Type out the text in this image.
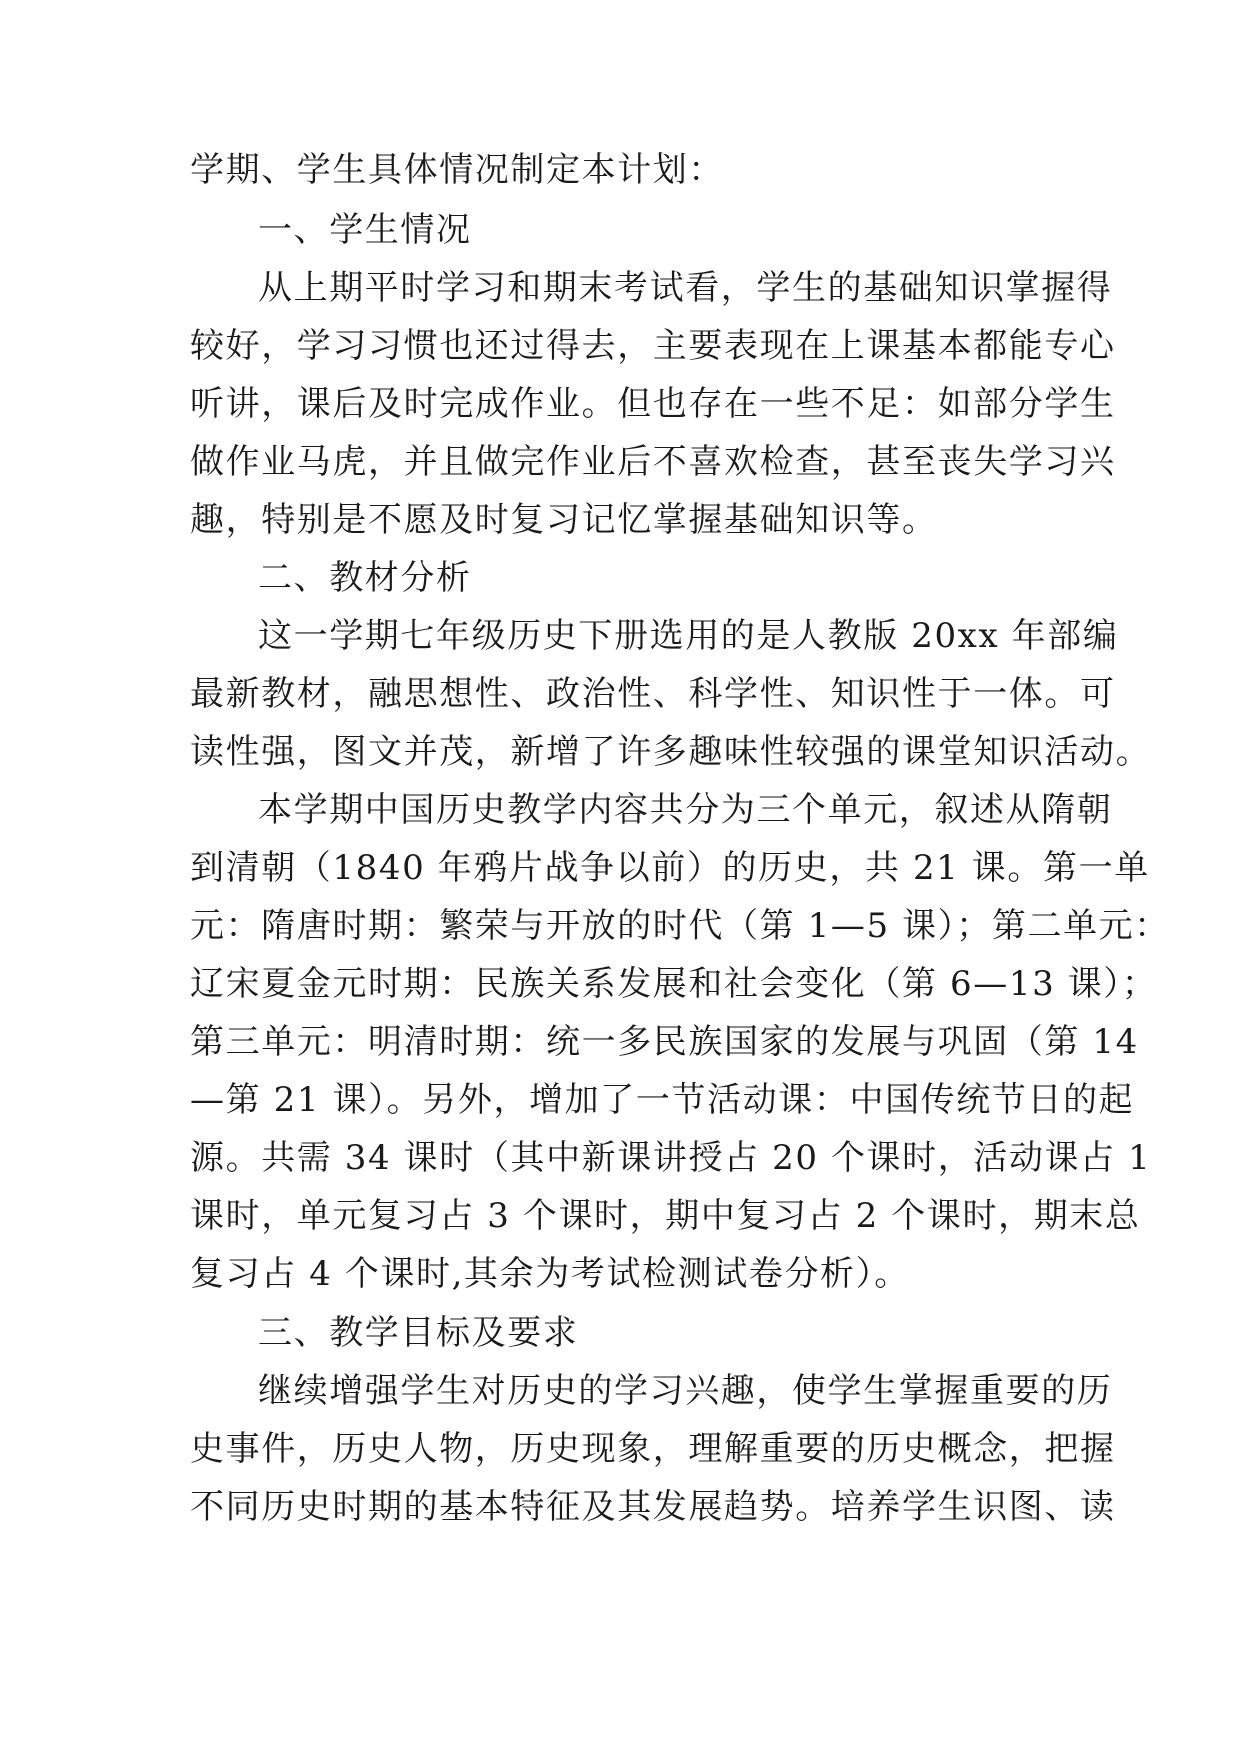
学期、学生具体情况制定本计划：
一、学生情况
从上期平时学习和期末考试看，学生的基础知识掌握得
较好，学习习惯也还过得去，主要表现在上课基本都能专心
听讲，课后及时完成作业。但也存在一些不足：如部分学生
做作业马虎，并且做完作业后不喜欢检查，甚至丧失学习兴
趣，特别是不愿及时复习记忆掌握基础知识等。
二、教材分析
这一学期七年级历史下册选用的是人教版 20xx 年部编
最新教材，融思想性、政治性、科学性、知识性于一体。可
读性强，图文并茂，新增了许多趣味性较强的课堂知识活动。
本学期中国历史教学内容共分为三个单元，叙述从隋朝
到清朝（1840 年鸦片战争以前）的历史，共 21 课。第一单
元：隋唐时期：繁荣与开放的时代（第 1—5 课）；第二单元：
辽宋夏金元时期：民族关系发展和社会变化（第 6—13 课）；
第三单元：明清时期：统一多民族国家的发展与巩固（第 14
—第 21 课）。另外，增加了一节活动课：中国传统节日的起
源。共需 34 课时（其中新课讲授占 20 个课时，活动课占 1
课时，单元复习占 3 个课时，期中复习占 2 个课时，期末总
复习占 4 个课时,其余为考试检测试卷分析）。
三、教学目标及要求
继续增强学生对历史的学习兴趣，使学生掌握重要的历
史事件，历史人物，历史现象，理解重要的历史概念，把握
不同历史时期的基本特征及其发展趋势。培养学生识图、读
